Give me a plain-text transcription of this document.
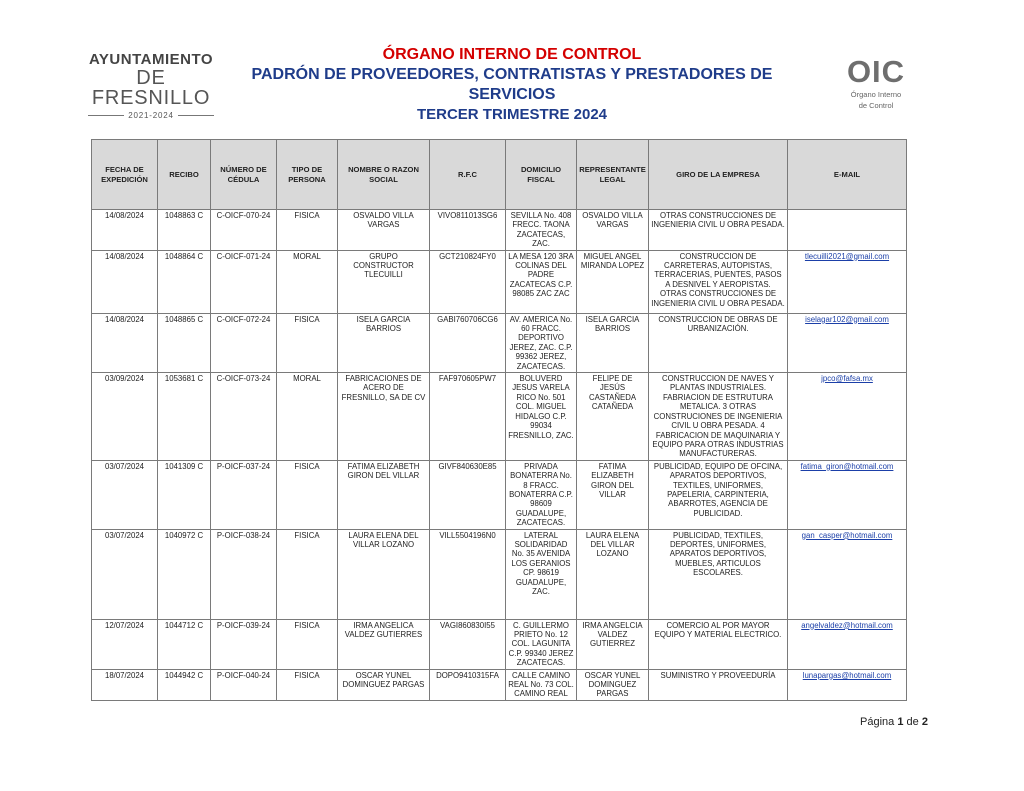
AYUNTAMIENTO
DE FRESNILLO
2021-2024
ÓRGANO INTERNO DE CONTROL
PADRÓN DE PROVEEDORES, CONTRATISTAS Y PRESTADORES DE SERVICIOS
TERCER TRIMESTRE 2024
OIC
Órgano Interno
de Control
FECHA DE EXPEDICIÓN	RECIBO	NÚMERO DE CÉDULA	TIPO DE PERSONA	NOMBRE O RAZON SOCIAL	R.F.C	DOMICILIO FISCAL	REPRESENTANTE LEGAL	GIRO DE LA EMPRESA	E-MAIL
14/08/2024	1048863 C	C-OICF-070-24	FISICA	OSVALDO VILLA VARGAS	VIVO811013SG6	SEVILLA No. 408 FRECC. TAONA ZACATECAS, ZAC.	OSVALDO VILLA VARGAS	OTRAS CONSTRUCCIONES DE INGENIERIA CIVIL U OBRA PESADA.	
14/08/2024	1048864 C	C-OICF-071-24	MORAL	GRUPO CONSTRUCTOR TLECUILLI	GCT210824FY0	LA MESA 120 3RA COLINAS DEL PADRE ZACATECAS C.P. 98085 ZAC ZAC	MIGUEL ANGEL MIRANDA LOPEZ	CONSTRUCCION DE CARRETERAS, AUTOPISTAS, TERRACERIAS, PUENTES, PASOS A DESNIVEL Y AEROPISTAS. OTRAS CONSTRUCCIONES DE INGENIERIA CIVIL U OBRA PESADA.	tlecuilli2021@gmail.com
14/08/2024	1048865 C	C-OICF-072-24	FISICA	ISELA GARCIA BARRIOS	GABI760706CG6	AV. AMERICA No. 60 FRACC. DEPORTIVO JEREZ, ZAC. C.P. 99362 JEREZ, ZACATECAS.	ISELA GARCIA BARRIOS	CONSTRUCCION DE OBRAS DE URBANIZACIÓN.	iselagar102@gmail.com
03/09/2024	1053681 C	C-OICF-073-24	MORAL	FABRICACIONES DE ACERO DE FRESNILLO, SA DE CV	FAF970605PW7	BOLUVERD JESUS VARELA RICO No. 501 COL. MIGUEL HIDALGO C.P. 99034 FRESNILLO, ZAC.	FELIPE DE JESÚS CASTAÑEDA CATAÑEDA	CONSTRUCCION DE NAVES Y PLANTAS INDUSTRIALES. FABRIACION DE ESTRUTURA METALICA. 3 OTRAS CONSTRUCIONES DE INGENIERIA CIVIL U OBRA PESADA. 4 FABRICACION DE MAQUINARIA Y EQUIPO PARA OTRAS INDUSTRIAS MANUFACTURERAS.	jpco@fafsa.mx
03/07/2024	1041309 C	P-OICF-037-24	FISICA	FATIMA ELIZABETH GIRON DEL VILLAR	GIVF840630E85	PRIVADA BONATERRA No. 8 FRACC. BONATERRA C.P. 98609 GUADALUPE, ZACATECAS.	FATIMA ELIZABETH GIRON DEL VILLAR	PUBLICIDAD, EQUIPO DE OFCINA, APARATOS DEPORTIVOS, TEXTILES, UNIFORMES, PAPELERIA, CARPINTERIA, ABARROTES, AGENCIA DE PUBLICIDAD.	fatima_giron@hotmail.com
03/07/2024	1040972 C	P-OICF-038-24	FISICA	LAURA ELENA DEL VILLAR LOZANO	VILL5504196N0	LATERAL SOLIDARIDAD No. 35 AVENIDA LOS GERANIOS CP. 98619 GUADALUPE, ZAC.	LAURA ELENA DEL VILLAR LOZANO	PUBLICIDAD, TEXTILES, DEPORTES, UNIFORMES, APARATOS DEPORTIVOS, MUEBLES, ARTICULOS ESCOLARES.	gan_casper@hotmail.com
12/07/2024	1044712 C	P-OICF-039-24	FISICA	IRMA ANGELICA VALDEZ GUTIERRES	VAGI860830I55	C. GUILLERMO PRIETO No. 12 COL. LAGUNITA C.P. 99340 JEREZ ZACATECAS.	IRMA ANGELCIA VALDEZ GUTIERREZ	COMERCIO AL POR MAYOR EQUIPO Y MATERIAL ELECTRICO.	angelvaldez@hotmail.com
18/07/2024	1044942 C	P-OICF-040-24	FISICA	OSCAR YUNEL DOMINGUEZ PARGAS	DOPO9410315FA	CALLE CAMINO REAL No. 73 COL. CAMINO REAL	OSCAR YUNEL DOMINGUEZ PARGAS	SUMINISTRO Y PROVEEDURÍA	lunapargas@hotmail.com
Página 1 de 2
